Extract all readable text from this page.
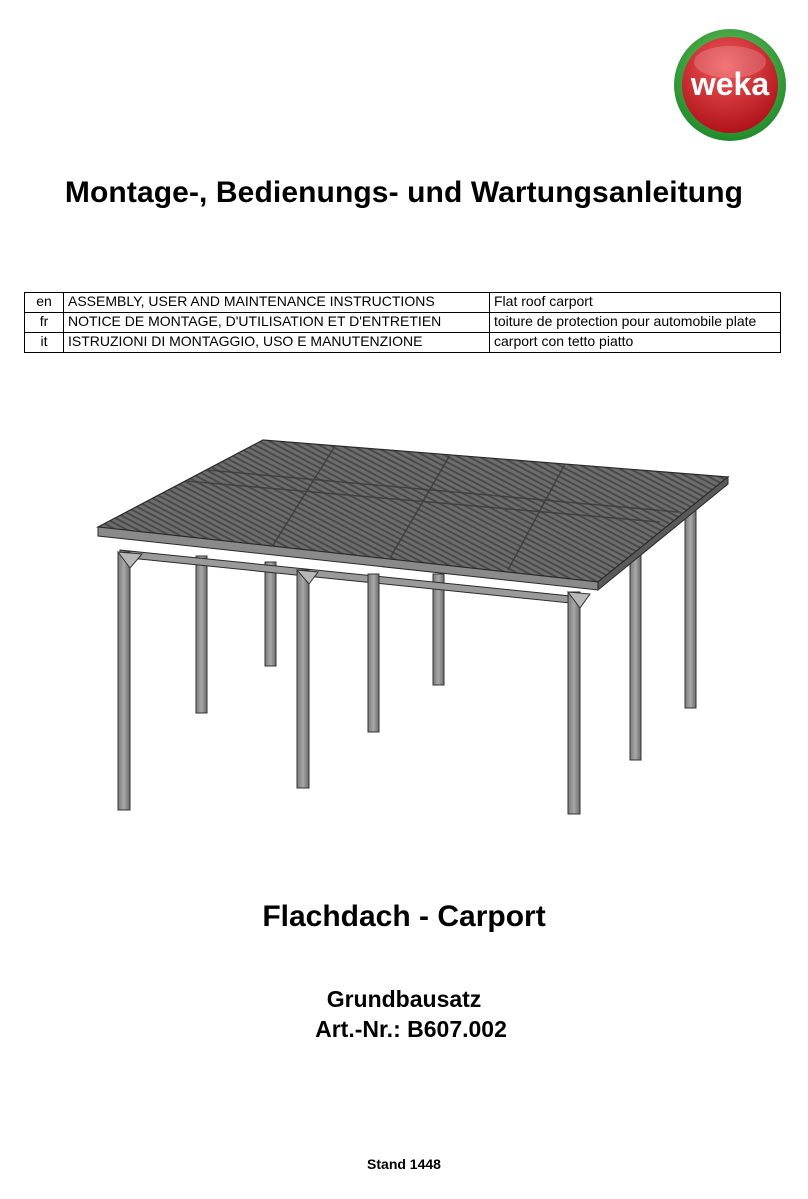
weka
Montage-, Bedienungs- und Wartungsanleitung
en	ASSEMBLY, USER AND MAINTENANCE INSTRUCTIONS	Flat roof carport
fr	NOTICE DE MONTAGE, D'UTILISATION ET D'ENTRETIEN	toiture de protection pour automobile plate
it	ISTRUZIONI DI MONTAGGIO, USO E MANUTENZIONE	carport con tetto piatto
Flachdach - Carport
Grundbausatz
Art.-Nr.: B607.002
Stand 1448
